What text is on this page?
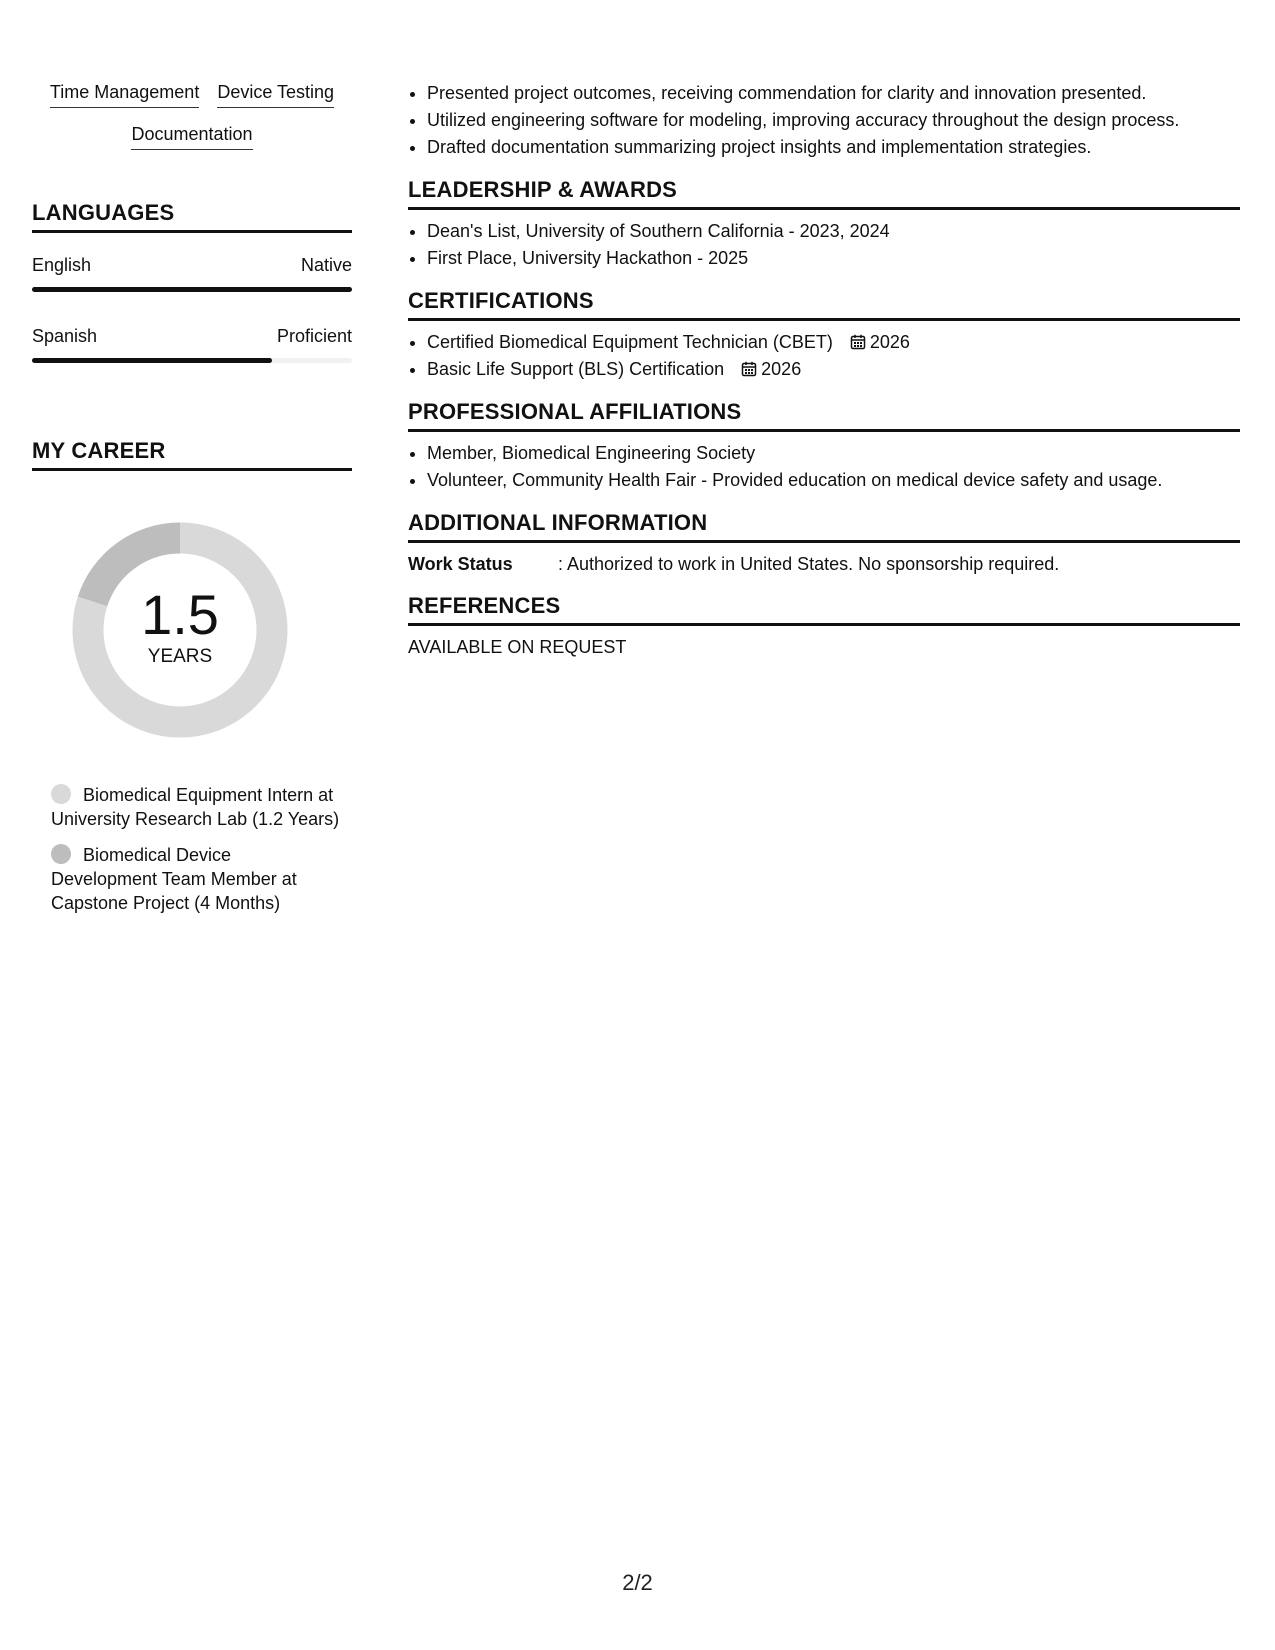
Time Management Device Testing
Documentation
LANGUAGES
English	Native
Spanish	Proficient
MY CAREER
1.5
YEARS
Biomedical Equipment Intern at University Research Lab (1.2 Years)
Biomedical Device Development Team Member at Capstone Project (4 Months)
• Presented project outcomes, receiving commendation for clarity and innovation presented.
• Utilized engineering software for modeling, improving accuracy throughout the design process.
• Drafted documentation summarizing project insights and implementation strategies.
LEADERSHIP & AWARDS
• Dean's List, University of Southern California - 2023, 2024
• First Place, University Hackathon - 2025
CERTIFICATIONS
• Certified Biomedical Equipment Technician (CBET) 2026
• Basic Life Support (BLS) Certification 2026
PROFESSIONAL AFFILIATIONS
• Member, Biomedical Engineering Society
• Volunteer, Community Health Fair - Provided education on medical device safety and usage.
ADDITIONAL INFORMATION
Work Status	: Authorized to work in United States. No sponsorship required.
REFERENCES
AVAILABLE ON REQUEST
2/2
